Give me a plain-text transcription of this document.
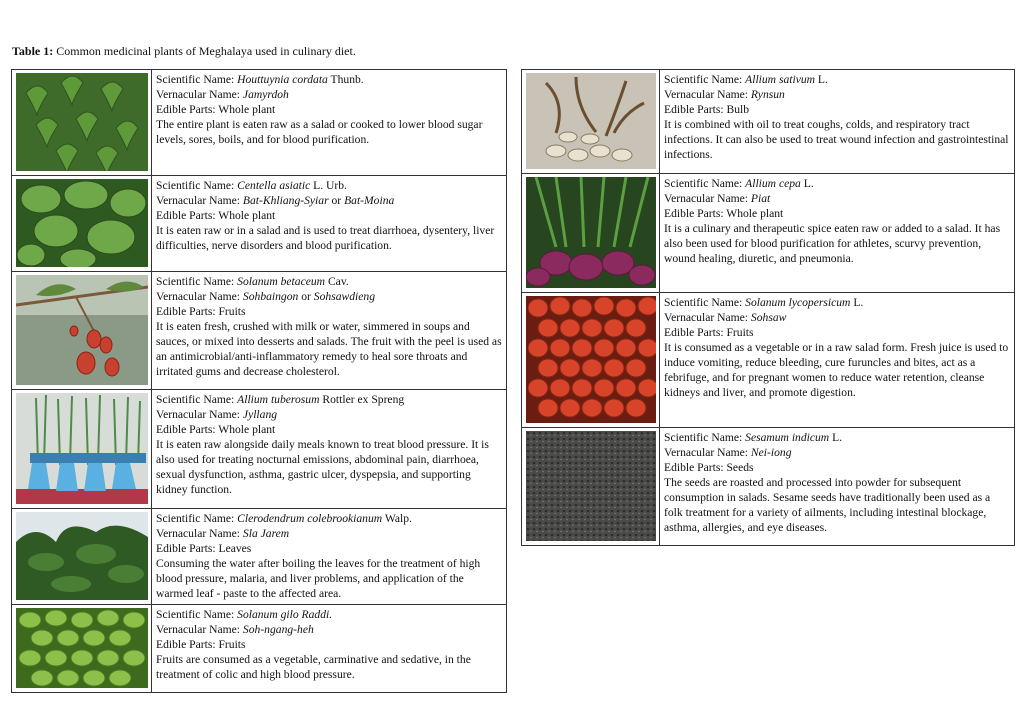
Table 1: Common medicinal plants of Meghalaya used in culinary diet.

Scientific Name: Houttuynia cordata Thunb.
Vernacular Name: Jamyrdoh
Edible Parts: Whole plant
The entire plant is eaten raw as a salad or cooked to lower blood sugar levels, sores, boils, and for blood purification.

Scientific Name: Centella asiatic L. Urb.
Vernacular Name: Bat-Khliang-Syiar or Bat-Moina
Edible Parts: Whole plant
It is eaten raw or in a salad and is used to treat diarrhoea, dysentery, liver difficulties, nerve disorders and blood purification.

Scientific Name: Solanum betaceum Cav.
Vernacular Name: Sohbaingon or Sohsawdieng
Edible Parts: Fruits
It is eaten fresh, crushed with milk or water, simmered in soups and sauces, or mixed into desserts and salads. The fruit with the peel is used as an antimicrobial/anti-inflammatory remedy to heal sore throats and irritated gums and decrease cholesterol.

Scientific Name: Allium tuberosum Rottler ex Spreng
Vernacular Name: Jyllang
Edible Parts: Whole plant
It is eaten raw alongside daily meals known to treat blood pressure. It is also used for treating nocturnal emissions, abdominal pain, diarrhoea, sexual dysfunction, asthma, gastric ulcer, dyspepsia, and supporting kidney function.

Scientific Name: Clerodendrum colebrookianum Walp.
Vernacular Name: Sla Jarem
Edible Parts: Leaves
Consuming the water after boiling the leaves for the treatment of high blood pressure, malaria, and liver problems, and application of the warmed leaf - paste to the affected area.

Scientific Name: Solanum gilo Raddi.
Vernacular Name: Soh-ngang-heh
Edible Parts: Fruits
Fruits are consumed as a vegetable, carminative and sedative, in the treatment of colic and high blood pressure.

Scientific Name: Allium sativum L.
Vernacular Name: Rynsun
Edible Parts: Bulb
It is combined with oil to treat coughs, colds, and respiratory tract infections. It can also be used to treat wound infection and gastrointestinal infections.

Scientific Name: Allium cepa L.
Vernacular Name: Piat
Edible Parts: Whole plant
It is a culinary and therapeutic spice eaten raw or added to a salad. It has also been used for blood purification for athletes, scurvy prevention, wound healing, diuretic, and pneumonia.

Scientific Name: Solanum lycopersicum L.
Vernacular Name: Sohsaw
Edible Parts: Fruits
It is consumed as a vegetable or in a raw salad form. Fresh juice is used to induce vomiting, reduce bleeding, cure furuncles and bites, act as a febrifuge, and for pregnant women to reduce water retention, cleanse kidneys and liver, and promote digestion.

Scientific Name: Sesamum indicum L.
Vernacular Name: Nei-iong
Edible Parts: Seeds
The seeds are roasted and processed into powder for subsequent consumption in salads. Sesame seeds have traditionally been used as a folk treatment for a variety of ailments, including intestinal blockage, asthma, allergies, and eye diseases.
